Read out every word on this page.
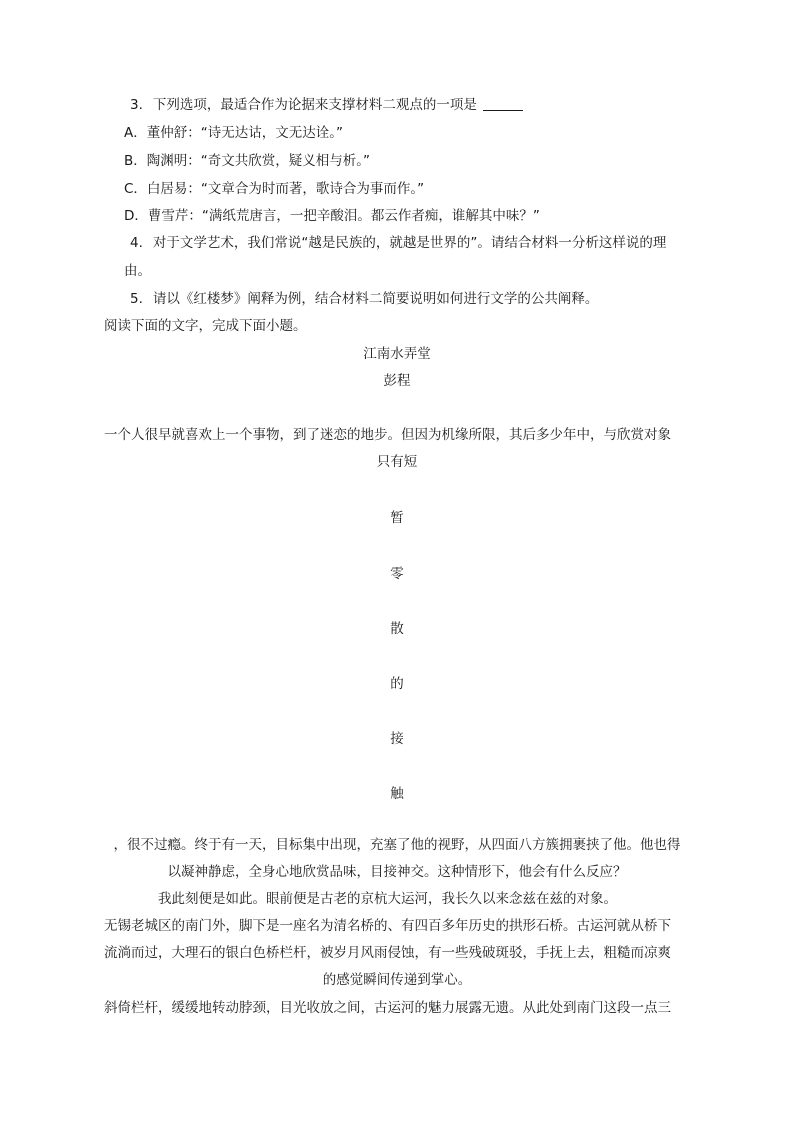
3. 下列选项，最适合作为论据来支撑材料二观点的一项是
A．董仲舒：“诗无达诂，文无达诠。”
B．陶渊明：“奇文共欣赏，疑义相与析。”
C．白居易：“文章合为时而著，歌诗合为事而作。”
D．曹雪芹：“满纸荒唐言，一把辛酸泪。都云作者痴，谁解其中味？”
4. 对于文学艺术，我们常说“越是民族的，就越是世界的”。请结合材料一分析这样说的理
由。
5. 请以《红楼梦》阐释为例，结合材料二简要说明如何进行文学的公共阐释。
阅读下面的文字，完成下面小题。
江南水弄堂
彭程
一个人很早就喜欢上一个事物，到了迷恋的地步。但因为机缘所限，其后多少年中，与欣赏对象
只有短
暂
零
散
的
接
触
，很不过瘾。终于有一天，目标集中出现，充塞了他的视野，从四面八方簇拥裹挟了他。他也得
以凝神静虑，全身心地欣赏品味，目接神交。这种情形下，他会有什么反应？
我此刻便是如此。眼前便是古老的京杭大运河，我长久以来念兹在兹的对象。
无锡老城区的南门外，脚下是一座名为清名桥的、有四百多年历史的拱形石桥。古运河就从桥下
流淌而过，大理石的银白色桥栏杆，被岁月风雨侵蚀，有一些残破斑驳，手抚上去，粗糙而凉爽
的感觉瞬间传递到掌心。
斜倚栏杆，缓缓地转动脖颈，目光收放之间，古运河的魅力展露无遗。从此处到南门这段一点三
